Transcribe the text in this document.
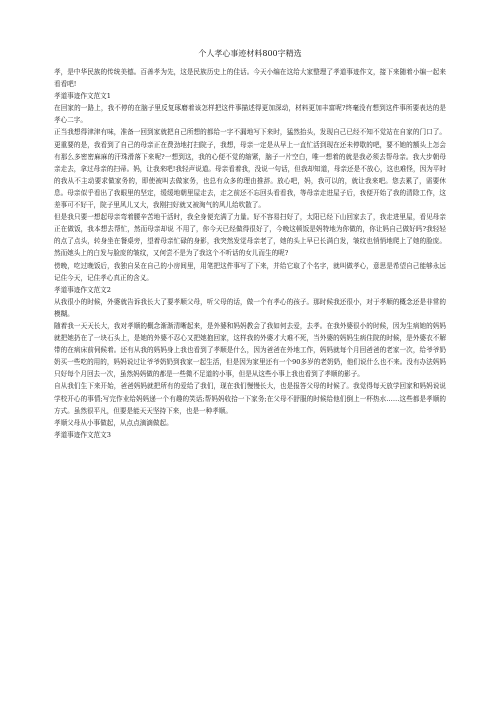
个人孝心事迹材料800字精选

孝，是中华民族的传统美德。百善孝为先，这是民族历史上的佳话。今天小编在这给大家整理了孝道事迹作文，接下来随着小编一起来看看吧!

孝道事迹作文范文1

在回家的一路上，我不停的在脑子里反复琢磨着该怎样把这件事描述得更加深动，材料更加丰富呢?终毫没有想到这件事所要表达的是孝心二字。

正当我想得津津有味，准备一回到家就把自己所想的都给一字不漏地写下来时，猛然抬头，发现自己已经不知不觉站在自家的门口了。更重要的是，我看到了自己的母亲正在费劲地打扫院子，我想，母亲一定是从早上一直忙活到现在还未停歇的吧，要不她的额头上怎会有那么多密密麻麻的汗珠滑落下来呢?一想到这，我的心便不觉的缩紧，脑子一片空白，唯一想着的就是我必须去帮母亲。我大步朝母亲走去，拿过母亲的扫帚。妈，让我来吧!我轻声说道。母亲看着我，没说一句话，但我却知道，母亲还是不放心，这也难怪，因为平时的我从不主动要求做家务的，即使被叫去做家务，也总有众多的理由推辞。放心吧，妈，我可以的，就让我来吧。您去累了，需要休息。母亲似乎看出了我眼里的坚定，缓缓地朝里屋走去，走之前还不忘回头看看我，等母亲走进屋子后，我便开始了我的清除工作，这差事可不好干，院子里风儿又大，我刚扫好就又被淘气的风儿给吹散了。

但是我只要一想起母亲弯着腰辛苦地干活时，我全身便充满了力量。好不容易扫好了，太阳已经下山回家去了，我走进里屋，看见母亲正在做饭，我本想去帮忙，然而母亲却说 不用了，你今天已经做得很好了，今晚这顿饭是妈特地为你做的，你让妈自己做好吗?我轻轻的点了点头，转身坐在餐桌旁，望着母亲忙碌的身影，我突然发觉母亲老了，她的头上早已长满白发，皱纹也悄悄地爬上了她的脸庞。然而她头上的白发与脸庞的皱纹，又何尝不是为了我这个不听话的女儿而生的呢?

傍晚，吃过晚饭后，我独自呆在自己的小房间里，用笔把这件事写了下来，并给它取了个名字，就叫做孝心，意思是希望自己能够永远记住今天，记住孝心真正的含义。

孝道事迹作文范文2

从我很小的时候，外婆就告诉我长大了要孝顺父母，听父母的话，做一个有孝心的孩子。那时候我还很小，对于孝顺的概念还是非常的模糊。

随着我一天天长大，我对孝顺的概念渐渐清晰起来，是外婆和妈妈教会了我如何去爱，去孝。在我外婆很小的时候，因为生病她的妈妈就把她扔在了一块石头上，是她的外婆不忍心又把她抱回家，这样我的外婆才大难不死，当外婆的妈妈生病住院的时候，是外婆衣不解带的在病床前伺候着。还有从我的妈妈身上我也看到了孝顺是什么，因为爸爸在外地工作，妈妈就每个月回爸爸的老家一次，给爷爷奶奶买一些吃的用的，妈妈说过让爷爷奶奶到我家一起生活，但是因为家里还有一个90多岁的老奶奶，他们说什么也不来。没有办法妈妈只好每个月回去一次，虽然妈妈做的都是一些微不足道的小事，但是从这些小事上我也看到了孝顺的影子。

自从我们生下来开始，爸爸妈妈就把所有的爱给了我们，现在我们慢慢长大，也是报答父母的时候了。我觉得每天放学回家和妈妈说说学校开心的事情;写完作业给妈妈递一个有趣的笑话;帮妈妈收拾一下家务;在父母不舒服的时候给他们倒上一杯热水……这些都是孝顺的方式。虽然很平凡，但要是能天天坚持下来，也是一种孝顺。

孝顺父母从小事做起，从点点滴滴做起。

孝道事迹作文范文3
